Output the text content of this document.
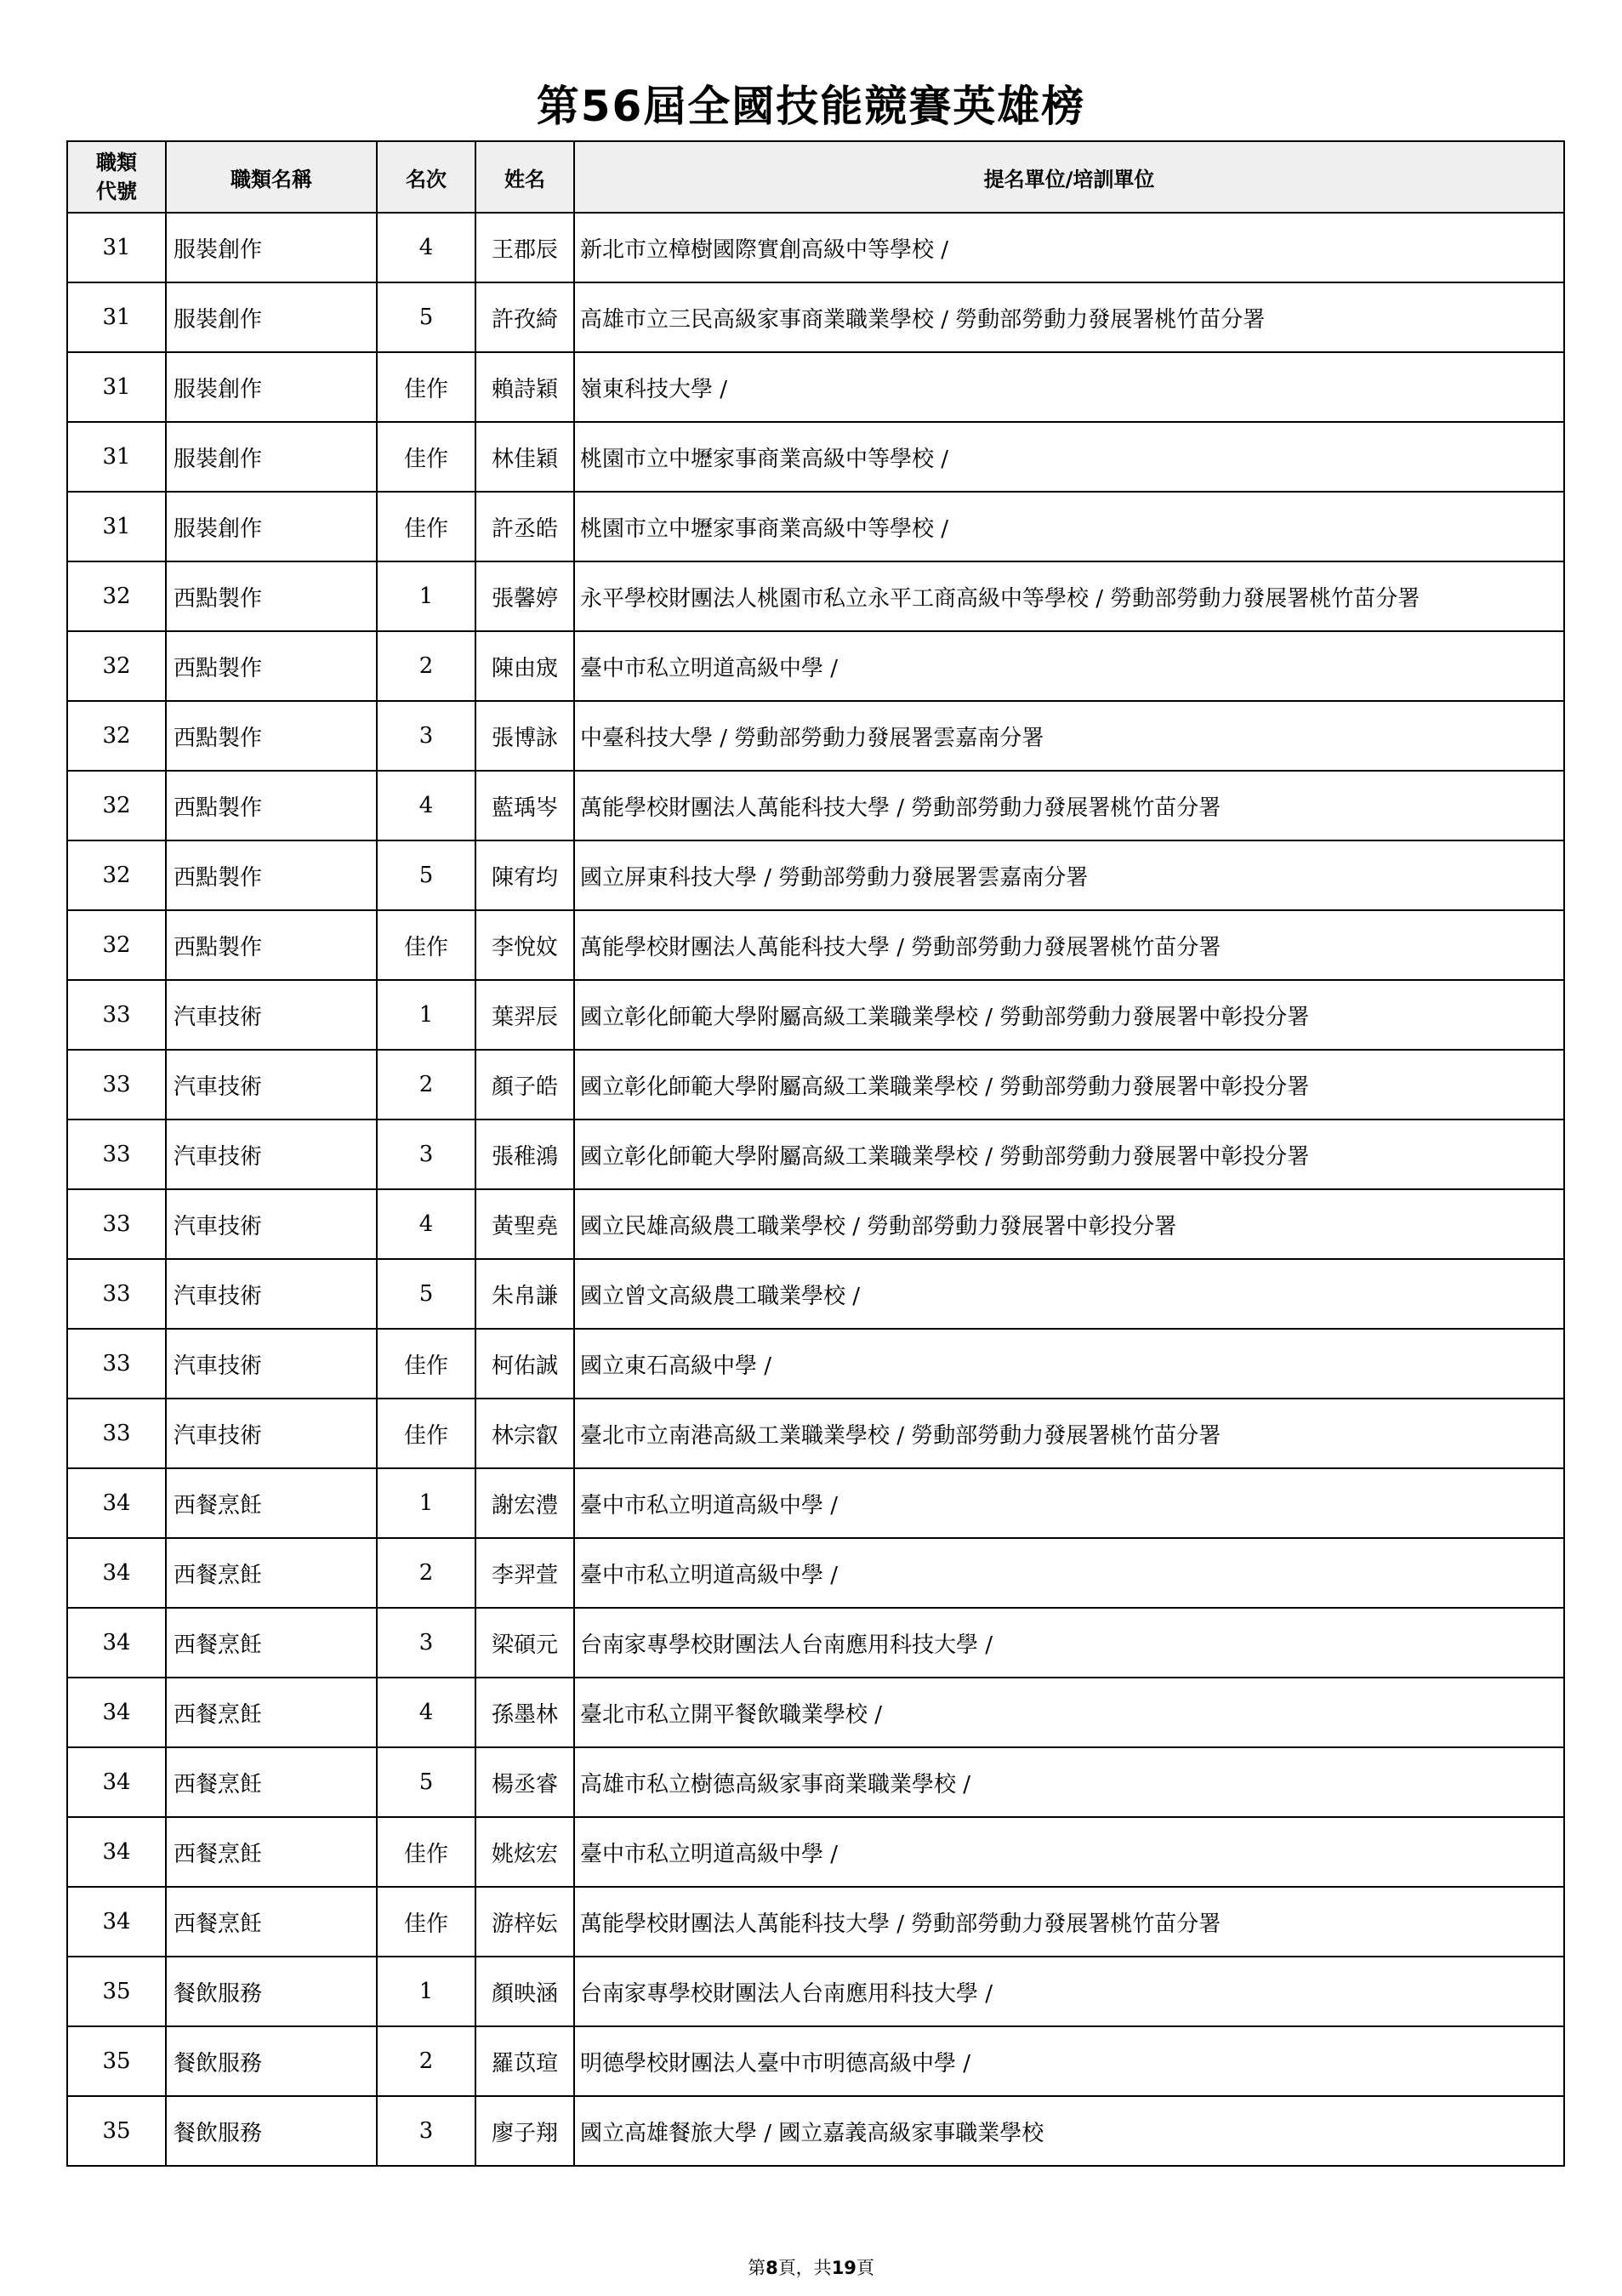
第56屆全國技能競賽英雄榜
職類
代號	職類名稱	名次	姓名	提名單位/培訓單位
31	服裝創作	4	王郡辰	新北市立樟樹國際實創高級中等學校 /
31	服裝創作	5	許孜綺	高雄市立三民高級家事商業職業學校 / 勞動部勞動力發展署桃竹苗分署
31	服裝創作	佳作	賴詩穎	嶺東科技大學 /
31	服裝創作	佳作	林佳穎	桃園市立中壢家事商業高級中等學校 /
31	服裝創作	佳作	許丞皓	桃園市立中壢家事商業高級中等學校 /
32	西點製作	1	張馨婷	永平學校財團法人桃園市私立永平工商高級中等學校 / 勞動部勞動力發展署桃竹苗分署
32	西點製作	2	陳由宬	臺中市私立明道高級中學 /
32	西點製作	3	張博詠	中臺科技大學 / 勞動部勞動力發展署雲嘉南分署
32	西點製作	4	藍瑀岑	萬能學校財團法人萬能科技大學 / 勞動部勞動力發展署桃竹苗分署
32	西點製作	5	陳宥均	國立屏東科技大學 / 勞動部勞動力發展署雲嘉南分署
32	西點製作	佳作	李悅妏	萬能學校財團法人萬能科技大學 / 勞動部勞動力發展署桃竹苗分署
33	汽車技術	1	葉羿辰	國立彰化師範大學附屬高級工業職業學校 / 勞動部勞動力發展署中彰投分署
33	汽車技術	2	顏子皓	國立彰化師範大學附屬高級工業職業學校 / 勞動部勞動力發展署中彰投分署
33	汽車技術	3	張稚鴻	國立彰化師範大學附屬高級工業職業學校 / 勞動部勞動力發展署中彰投分署
33	汽車技術	4	黃聖堯	國立民雄高級農工職業學校 / 勞動部勞動力發展署中彰投分署
33	汽車技術	5	朱帛謙	國立曾文高級農工職業學校 /
33	汽車技術	佳作	柯佑誠	國立東石高級中學 /
33	汽車技術	佳作	林宗叡	臺北市立南港高級工業職業學校 / 勞動部勞動力發展署桃竹苗分署
34	西餐烹飪	1	謝宏澧	臺中市私立明道高級中學 /
34	西餐烹飪	2	李羿萱	臺中市私立明道高級中學 /
34	西餐烹飪	3	梁碩元	台南家專學校財團法人台南應用科技大學 /
34	西餐烹飪	4	孫墨林	臺北市私立開平餐飲職業學校 /
34	西餐烹飪	5	楊丞睿	高雄市私立樹德高級家事商業職業學校 /
34	西餐烹飪	佳作	姚炫宏	臺中市私立明道高級中學 /
34	西餐烹飪	佳作	游梓妘	萬能學校財團法人萬能科技大學 / 勞動部勞動力發展署桃竹苗分署
35	餐飲服務	1	顏映涵	台南家專學校財團法人台南應用科技大學 /
35	餐飲服務	2	羅苡瑄	明德學校財團法人臺中市明德高級中學 /
35	餐飲服務	3	廖子翔	國立高雄餐旅大學 / 國立嘉義高級家事職業學校
第8頁，共19頁
